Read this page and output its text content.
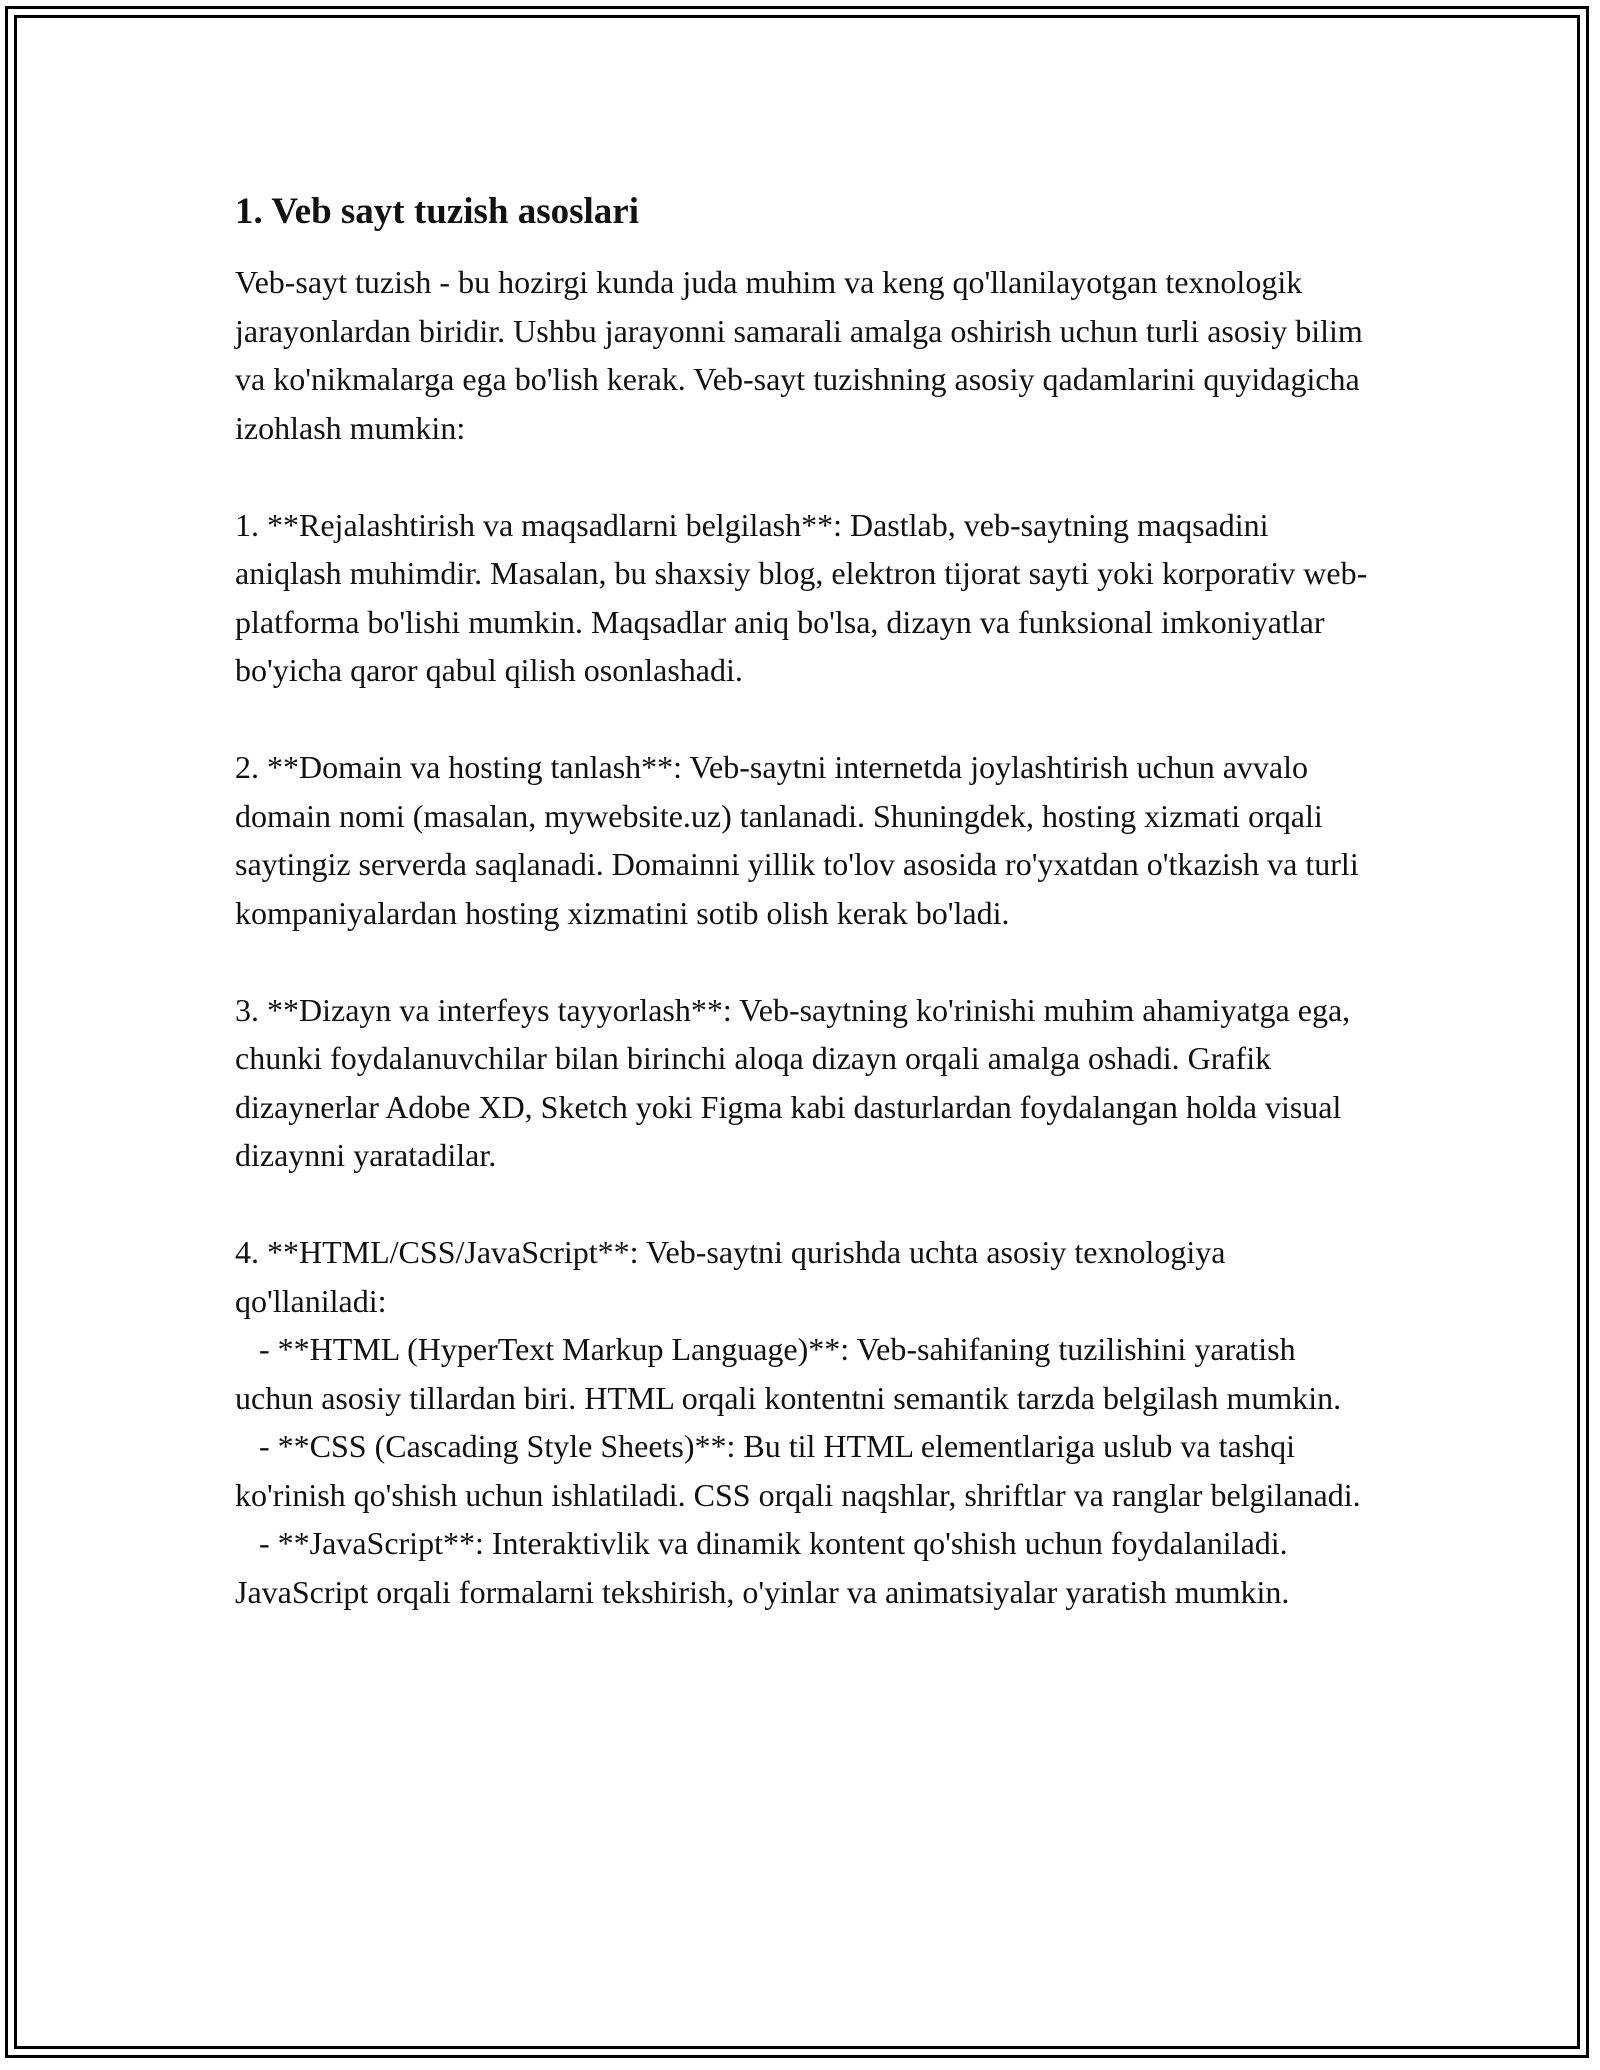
1. Veb sayt tuzish asoslari

Veb-sayt tuzish - bu hozirgi kunda juda muhim va keng qo'llanilayotgan texnologik jarayonlardan biridir. Ushbu jarayonni samarali amalga oshirish uchun turli asosiy bilim va ko'nikmalarga ega bo'lish kerak. Veb-sayt tuzishning asosiy qadamlarini quyidagicha izohlash mumkin:

1. **Rejalashtirish va maqsadlarni belgilash**: Dastlab, veb-saytning maqsadini aniqlash muhimdir. Masalan, bu shaxsiy blog, elektron tijorat sayti yoki korporativ web-platforma bo'lishi mumkin. Maqsadlar aniq bo'lsa, dizayn va funksional imkoniyatlar bo'yicha qaror qabul qilish osonlashadi.

2. **Domain va hosting tanlash**: Veb-saytni internetda joylashtirish uchun avvalo domain nomi (masalan, mywebsite.uz) tanlanadi. Shuningdek, hosting xizmati orqali saytingiz serverda saqlanadi. Domainni yillik to'lov asosida ro'yxatdan o'tkazish va turli kompaniyalardan hosting xizmatini sotib olish kerak bo'ladi.

3. **Dizayn va interfeys tayyorlash**: Veb-saytning ko'rinishi muhim ahamiyatga ega, chunki foydalanuvchilar bilan birinchi aloqa dizayn orqali amalga oshadi. Grafik dizaynerlar Adobe XD, Sketch yoki Figma kabi dasturlardan foydalangan holda visual dizaynni yaratadilar.

4. **HTML/CSS/JavaScript**: Veb-saytni qurishda uchta asosiy texnologiya qo'llaniladi:

- **HTML (HyperText Markup Language)**: Veb-sahifaning tuzilishini yaratish uchun asosiy tillardan biri. HTML orqali kontentni semantik tarzda belgilash mumkin.

- **CSS (Cascading Style Sheets)**: Bu til HTML elementlariga uslub va tashqi ko'rinish qo'shish uchun ishlatiladi. CSS orqali naqshlar, shriftlar va ranglar belgilanadi.

- **JavaScript**: Interaktivlik va dinamik kontent qo'shish uchun foydalaniladi. JavaScript orqali formalarni tekshirish, o'yinlar va animatsiyalar yaratish mumkin.
